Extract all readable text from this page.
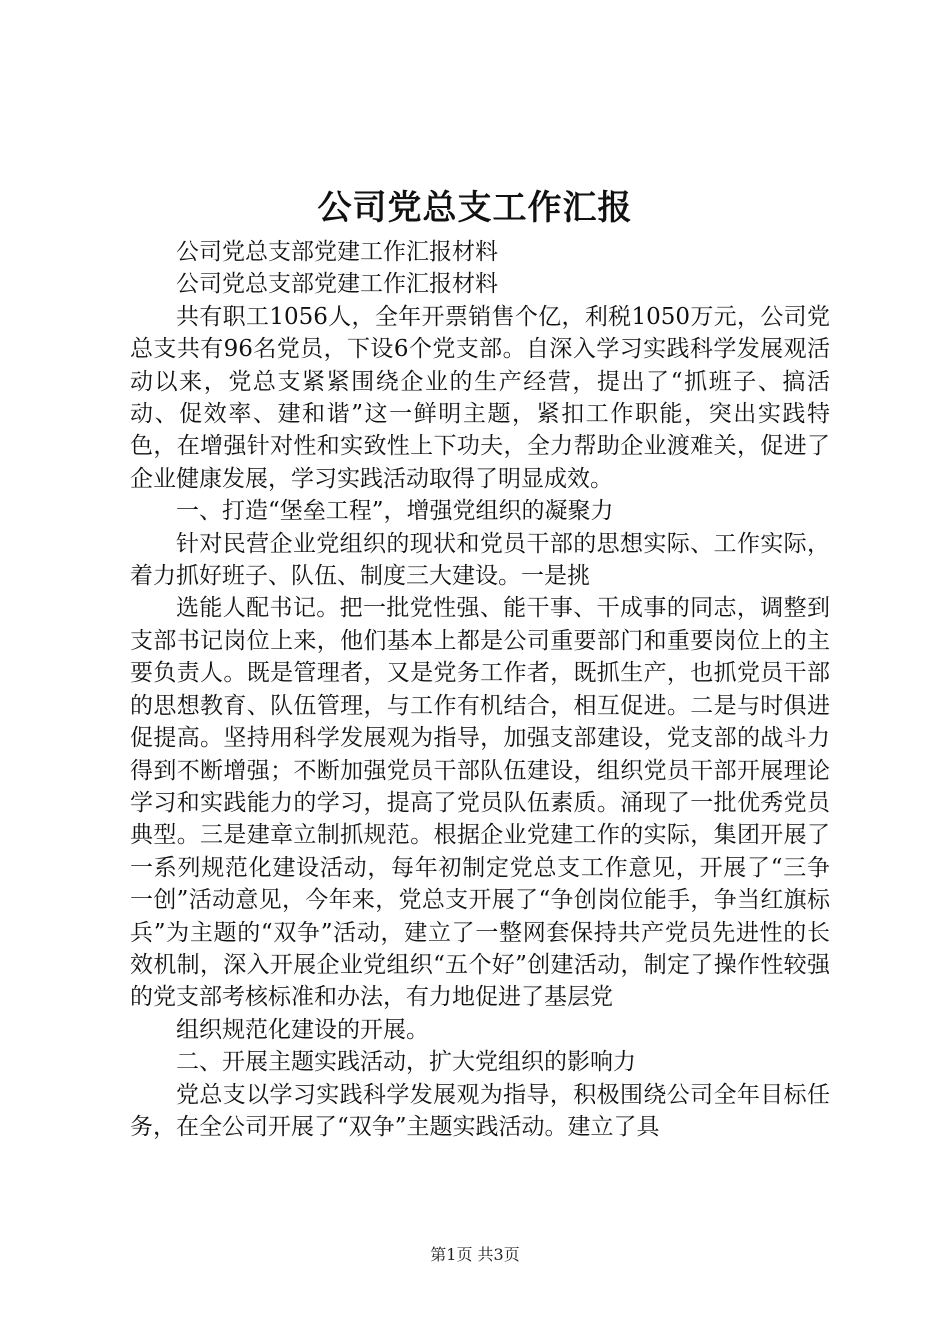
公司党总支工作汇报

公司党总支部党建工作汇报材料

公司党总支部党建工作汇报材料

共有职工1056人，全年开票销售个亿，利税1050万元，公司党总支共有96名党员，下设6个党支部。自深入学习实践科学发展观活动以来，党总支紧紧围绕企业的生产经营，提出了“抓班子、搞活动、促效率、建和谐”这一鲜明主题，紧扣工作职能，突出实践特色，在增强针对性和实致性上下功夫，全力帮助企业渡难关，促进了企业健康发展，学习实践活动取得了明显成效。

一、打造“堡垒工程”，增强党组织的凝聚力

针对民营企业党组织的现状和党员干部的思想实际、工作实际，着力抓好班子、队伍、制度三大建设。一是挑

选能人配书记。把一批党性强、能干事、干成事的同志，调整到支部书记岗位上来，他们基本上都是公司重要部门和重要岗位上的主要负责人。既是管理者，又是党务工作者，既抓生产，也抓党员干部的思想教育、队伍管理，与工作有机结合，相互促进。二是与时俱进促提高。坚持用科学发展观为指导，加强支部建设，党支部的战斗力得到不断增强；不断加强党员干部队伍建设，组织党员干部开展理论学习和实践能力的学习，提高了党员队伍素质。涌现了一批优秀党员典型。三是建章立制抓规范。根据企业党建工作的实际，集团开展了一系列规范化建设活动，每年初制定党总支工作意见，开展了“三争一创”活动意见，今年来，党总支开展了“争创岗位能手，争当红旗标兵”为主题的“双争”活动，建立了一整网套保持共产党员先进性的长效机制，深入开展企业党组织“五个好”创建活动，制定了操作性较强的党支部考核标准和办法，有力地促进了基层党

组织规范化建设的开展。

二、开展主题实践活动，扩大党组织的影响力

党总支以学习实践科学发展观为指导，积极围绕公司全年目标任务，在全公司开展了“双争”主题实践活动。建立了具

第1页 共3页
